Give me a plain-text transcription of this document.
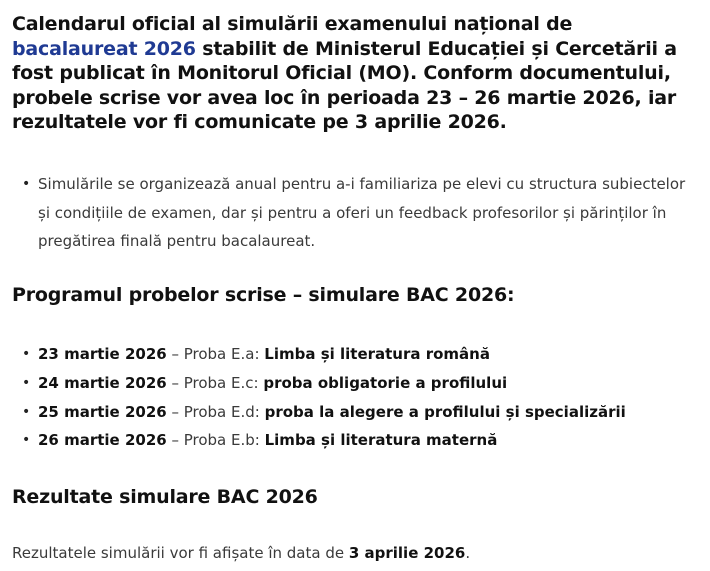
Calendarul oficial al simulării examenului național de bacalaureat 2026 stabilit de Ministerul Educației și Cercetării a fost publicat în Monitorul Oficial (MO). Conform documentului, probele scrise vor avea loc în perioada 23 – 26 martie 2026, iar rezultatele vor fi comunicate pe 3 aprilie 2026.

• Simulările se organizează anual pentru a-i familiariza pe elevi cu structura subiectelor și condițiile de examen, dar și pentru a oferi un feedback profesorilor și părinților în pregătirea finală pentru bacalaureat.
Programul probelor scrise – simulare BAC 2026:
• 23 martie 2026 – Proba E.a: Limba și literatura română
• 24 martie 2026 – Proba E.c: proba obligatorie a profilului
• 25 martie 2026 – Proba E.d: proba la alegere a profilului și specializării
• 26 martie 2026 – Proba E.b: Limba și literatura maternă
Rezultate simulare BAC 2026

Rezultatele simulării vor fi afișate în data de 3 aprilie 2026.
